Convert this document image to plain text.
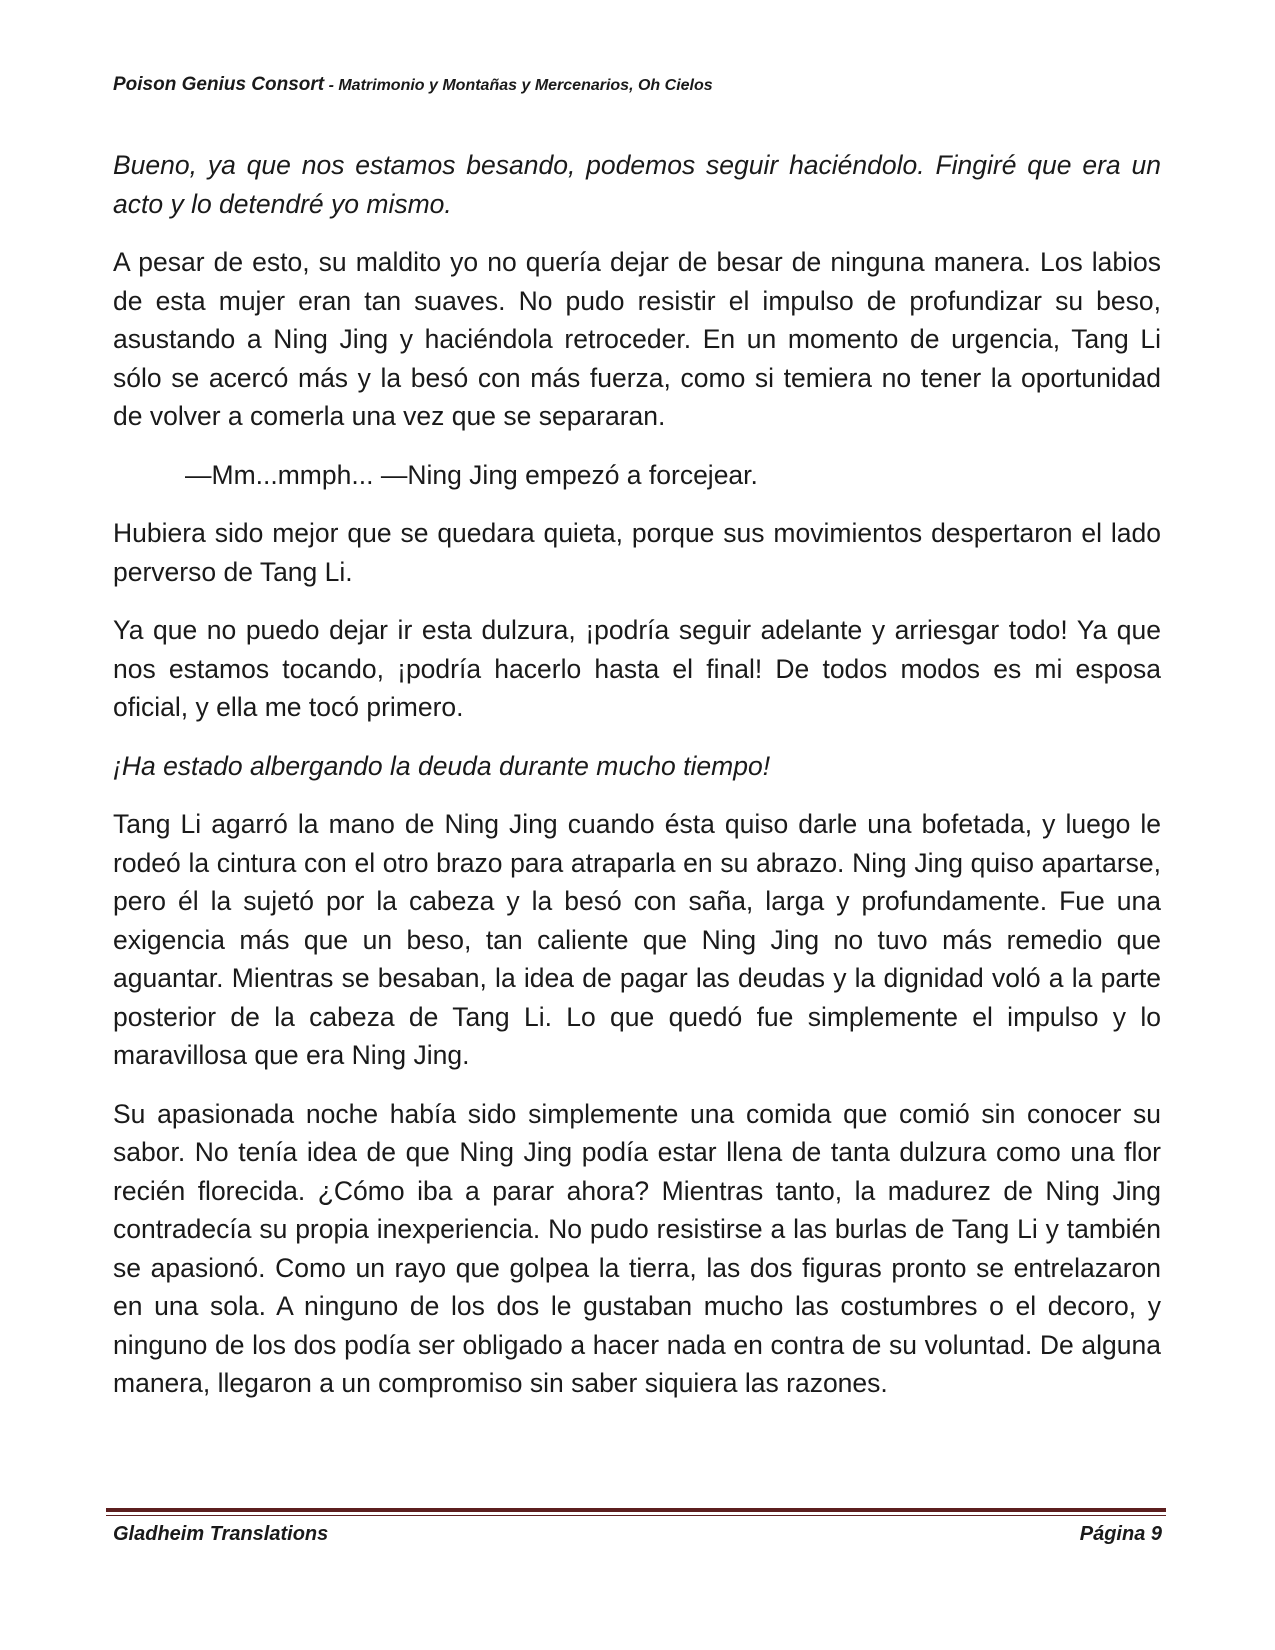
Poison Genius Consort - Matrimonio y Montañas y Mercenarios, Oh Cielos

Bueno, ya que nos estamos besando, podemos seguir haciéndolo. Fingiré que era un acto y lo detendré yo mismo.

A pesar de esto, su maldito yo no quería dejar de besar de ninguna manera. Los labios de esta mujer eran tan suaves. No pudo resistir el impulso de profundizar su beso, asustando a Ning Jing y haciéndola retroceder. En un momento de urgencia, Tang Li sólo se acercó más y la besó con más fuerza, como si temiera no tener la oportunidad de volver a comerla una vez que se separaran.

—Mm...mmph... —Ning Jing empezó a forcejear.

Hubiera sido mejor que se quedara quieta, porque sus movimientos despertaron el lado perverso de Tang Li.

Ya que no puedo dejar ir esta dulzura, ¡podría seguir adelante y arriesgar todo! Ya que nos estamos tocando, ¡podría hacerlo hasta el final! De todos modos es mi esposa oficial, y ella me tocó primero.

¡Ha estado albergando la deuda durante mucho tiempo!

Tang Li agarró la mano de Ning Jing cuando ésta quiso darle una bofetada, y luego le rodeó la cintura con el otro brazo para atraparla en su abrazo. Ning Jing quiso apartarse, pero él la sujetó por la cabeza y la besó con saña, larga y profundamente. Fue una exigencia más que un beso, tan caliente que Ning Jing no tuvo más remedio que aguantar. Mientras se besaban, la idea de pagar las deudas y la dignidad voló a la parte posterior de la cabeza de Tang Li. Lo que quedó fue simplemente el impulso y lo maravillosa que era Ning Jing.

Su apasionada noche había sido simplemente una comida que comió sin conocer su sabor. No tenía idea de que Ning Jing podía estar llena de tanta dulzura como una flor recién florecida. ¿Cómo iba a parar ahora? Mientras tanto, la madurez de Ning Jing contradecía su propia inexperiencia. No pudo resistirse a las burlas de Tang Li y también se apasionó. Como un rayo que golpea la tierra, las dos figuras pronto se entrelazaron en una sola. A ninguno de los dos le gustaban mucho las costumbres o el decoro, y ninguno de los dos podía ser obligado a hacer nada en contra de su voluntad. De alguna manera, llegaron a un compromiso sin saber siquiera las razones.

Gladheim Translations	Página 9
